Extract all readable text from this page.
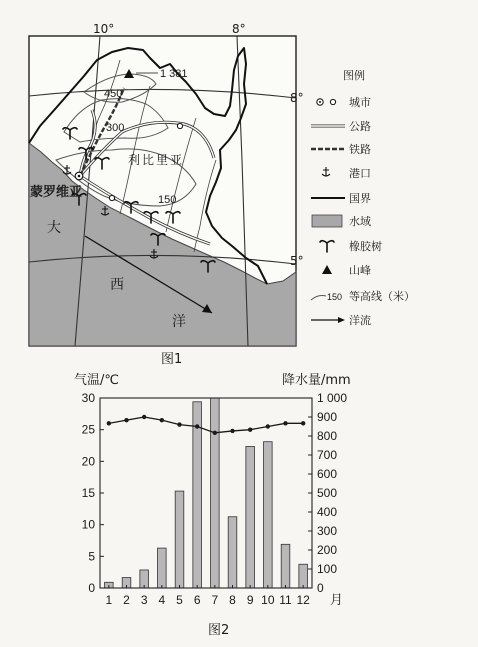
10°	8°
8°
5°
1 381
450
300
150
利比里亚
蒙罗维亚
大
西
洋
图1
图例
城市
公路
铁路
港口
国界
水域
橡胶树
山峰
150 等高线（米）
洋流
气温/℃	降水量/mm
0
5
10
15
20
25
30
0
100
200
300
400
500
600
700
800
900
1 000
1 2 3 4 5 6 7 8 9 10 11 12 月
图2
